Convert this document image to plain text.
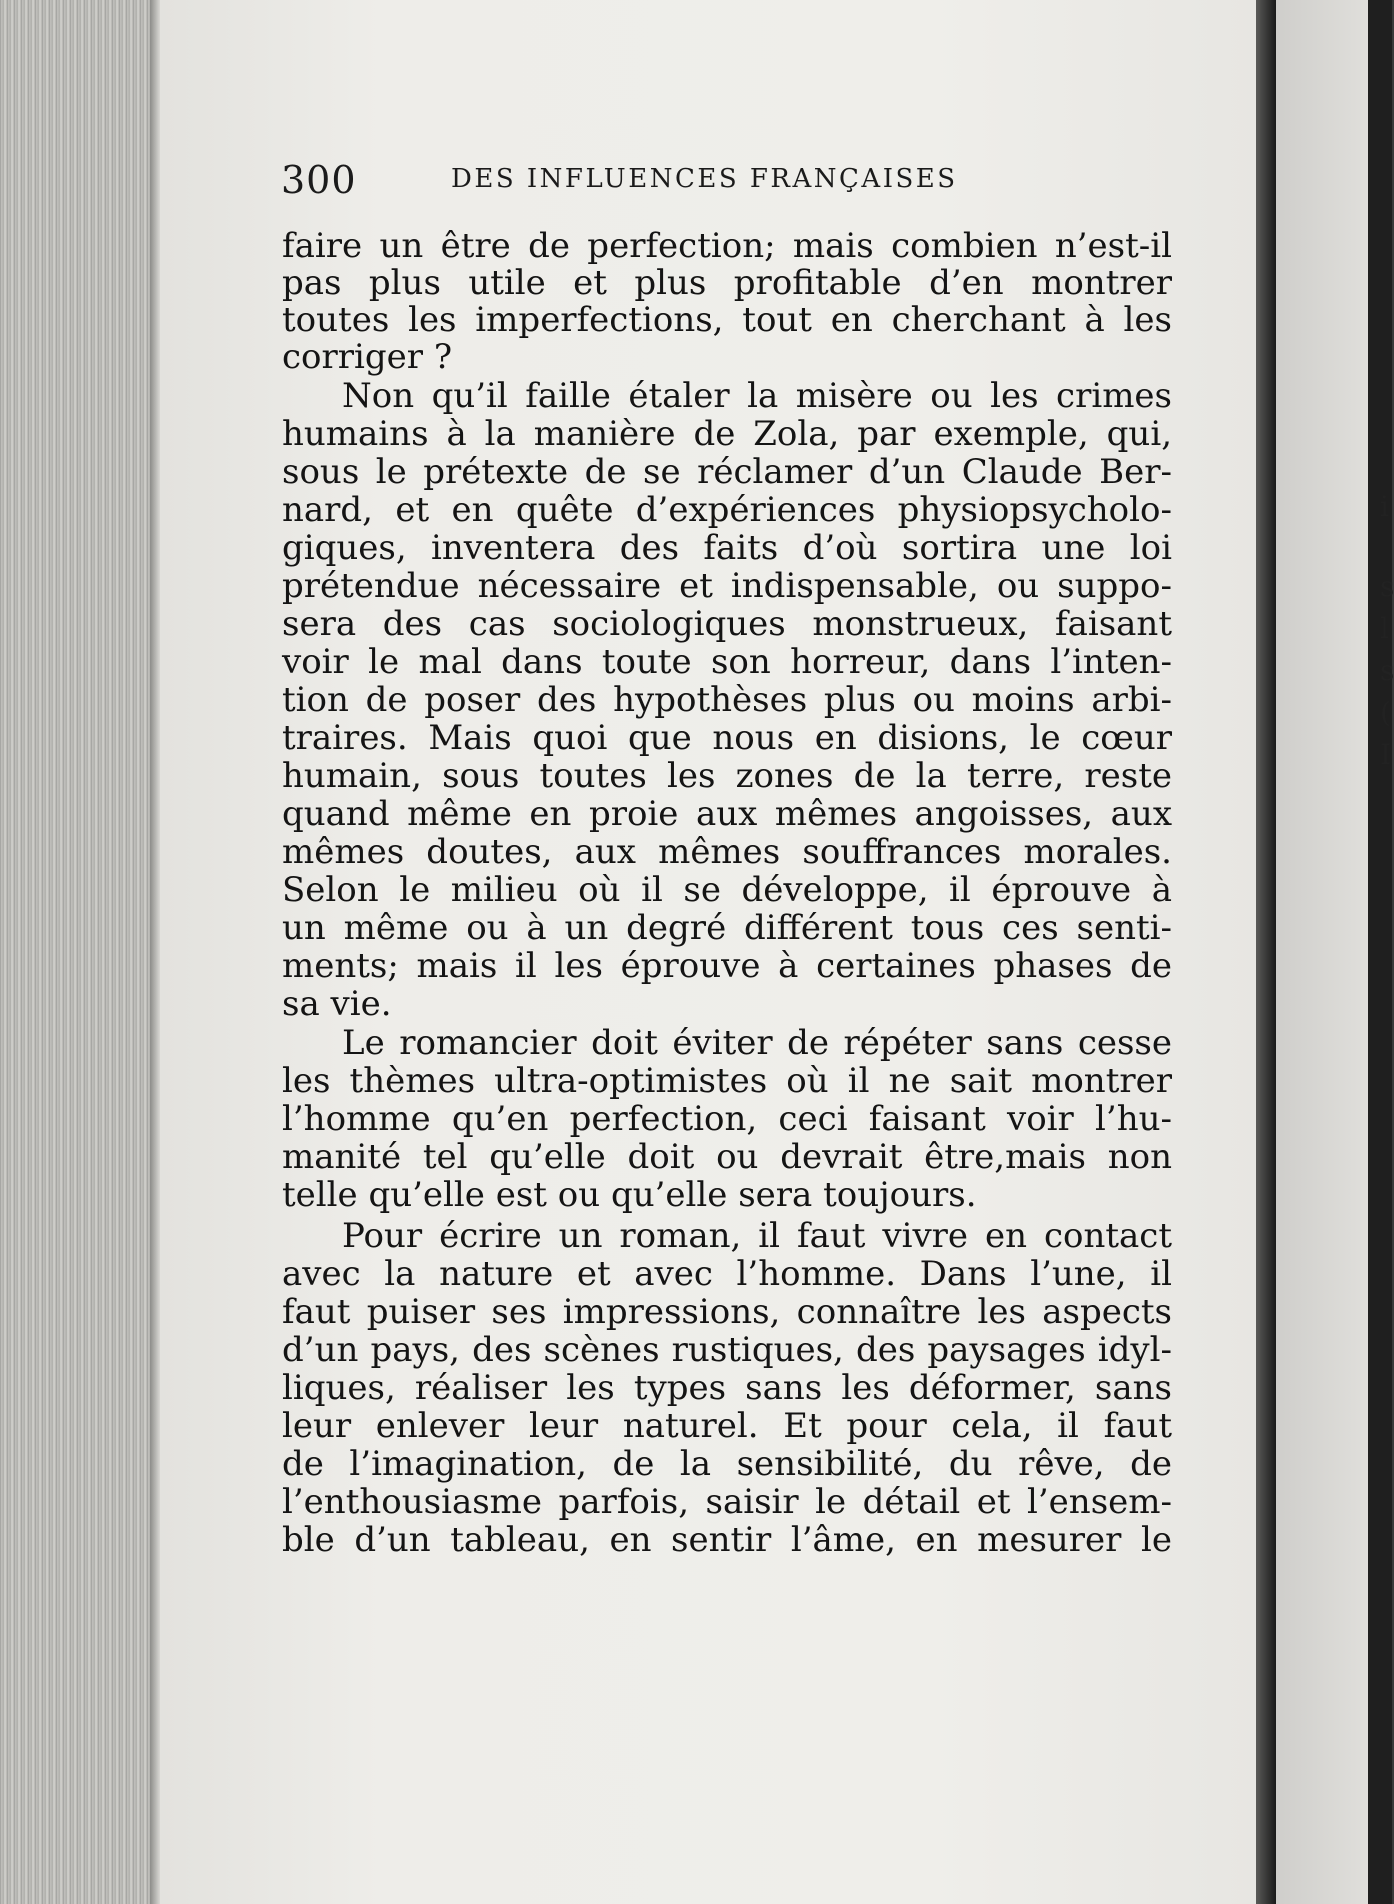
300	DES INFLUENCES FRANÇAISES
faire un être de perfection; mais combien n’est-il
pas plus utile et plus profitable d’en montrer
toutes les imperfections, tout en cherchant à les
corriger ?
Non qu’il faille étaler la misère ou les crimes
humains à la manière de Zola, par exemple, qui,
sous le prétexte de se réclamer d’un Claude Ber-
nard, et en quête d’expériences physiopsycholo-
giques, inventera des faits d’où sortira une loi
prétendue nécessaire et indispensable, ou suppo-
sera des cas sociologiques monstrueux, faisant
voir le mal dans toute son horreur, dans l’inten-
tion de poser des hypothèses plus ou moins arbi-
traires. Mais quoi que nous en disions, le cœur
humain, sous toutes les zones de la terre, reste
quand même en proie aux mêmes angoisses, aux
mêmes doutes, aux mêmes souffrances morales.
Selon le milieu où il se développe, il éprouve à
un même ou à un degré différent tous ces senti-
ments; mais il les éprouve à certaines phases de
sa vie.
Le romancier doit éviter de répéter sans cesse
les thèmes ultra-optimistes où il ne sait montrer
l’homme qu’en perfection, ceci faisant voir l’hu-
manité tel qu’elle doit ou devrait être,mais non
telle qu’elle est ou qu’elle sera toujours.
Pour écrire un roman, il faut vivre en contact
avec la nature et avec l’homme. Dans l’une, il
faut puiser ses impressions, connaître les aspects
d’un pays, des scènes rustiques, des paysages idyl-
liques, réaliser les types sans les déformer, sans
leur enlever leur naturel. Et pour cela, il faut
de l’imagination, de la sensibilité, du rêve, de
l’enthousiasme parfois, saisir le détail et l’ensem-
ble d’un tableau, en sentir l’âme, en mesurer le
i
s
l
s
(
I
